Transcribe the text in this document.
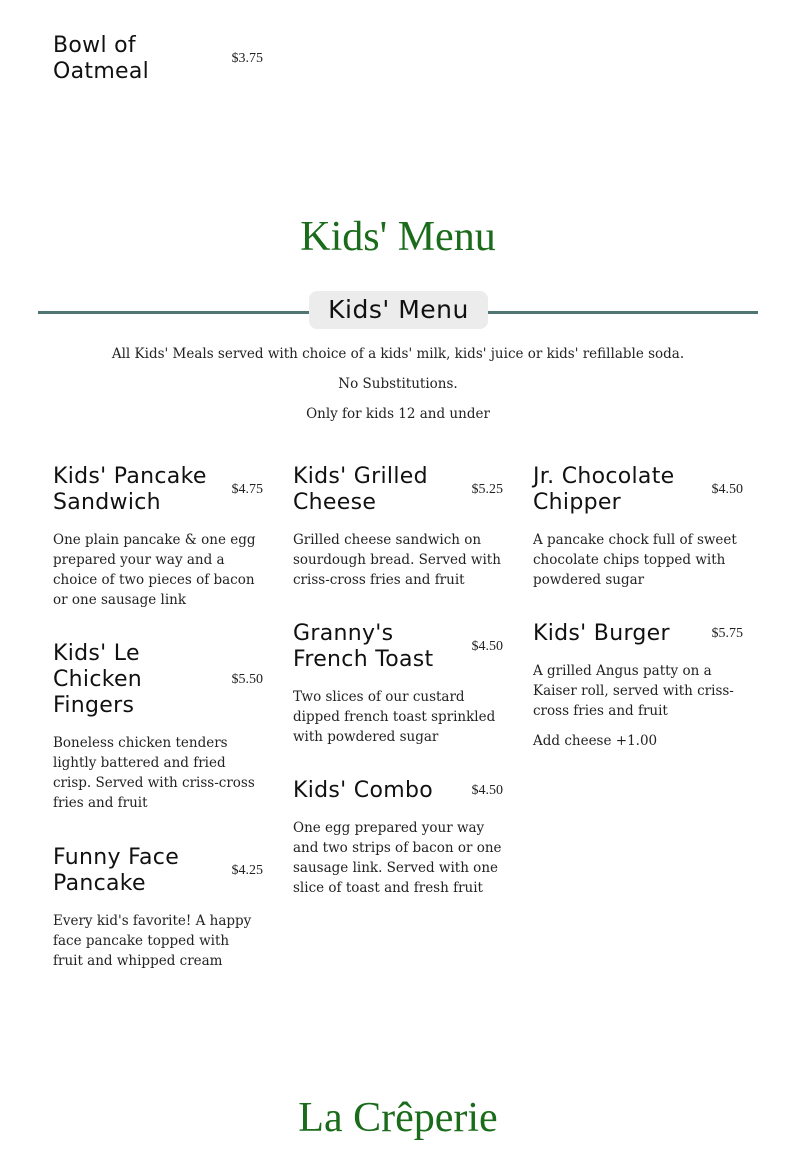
Bowl of Oatmeal
$3.75
Kids' Menu
Kids' Menu
All Kids' Meals served with choice of a kids' milk, kids' juice or kids' refillable soda.
No Substitutions.
Only for kids 12 and under
Kids' Pancake Sandwich
$4.75
One plain pancake & one egg prepared your way and a choice of two pieces of bacon or one sausage link
Kids' Le Chicken Fingers
$5.50
Boneless chicken tenders lightly battered and fried crisp. Served with criss-cross fries and fruit
Funny Face Pancake
$4.25
Every kid's favorite! A happy face pancake topped with fruit and whipped cream
Kids' Grilled Cheese
$5.25
Grilled cheese sandwich on sourdough bread. Served with criss-cross fries and fruit
Granny's French Toast
$4.50
Two slices of our custard dipped french toast sprinkled with powdered sugar
Kids' Combo	$4.50
One egg prepared your way and two strips of bacon or one sausage link. Served with one slice of toast and fresh fruit
Jr. Chocolate Chipper
$4.50
A pancake chock full of sweet chocolate chips topped with powdered sugar
Kids' Burger	$5.75
A grilled Angus patty on a Kaiser roll, served with criss-cross fries and fruit
Add cheese +1.00
La Crêperie
